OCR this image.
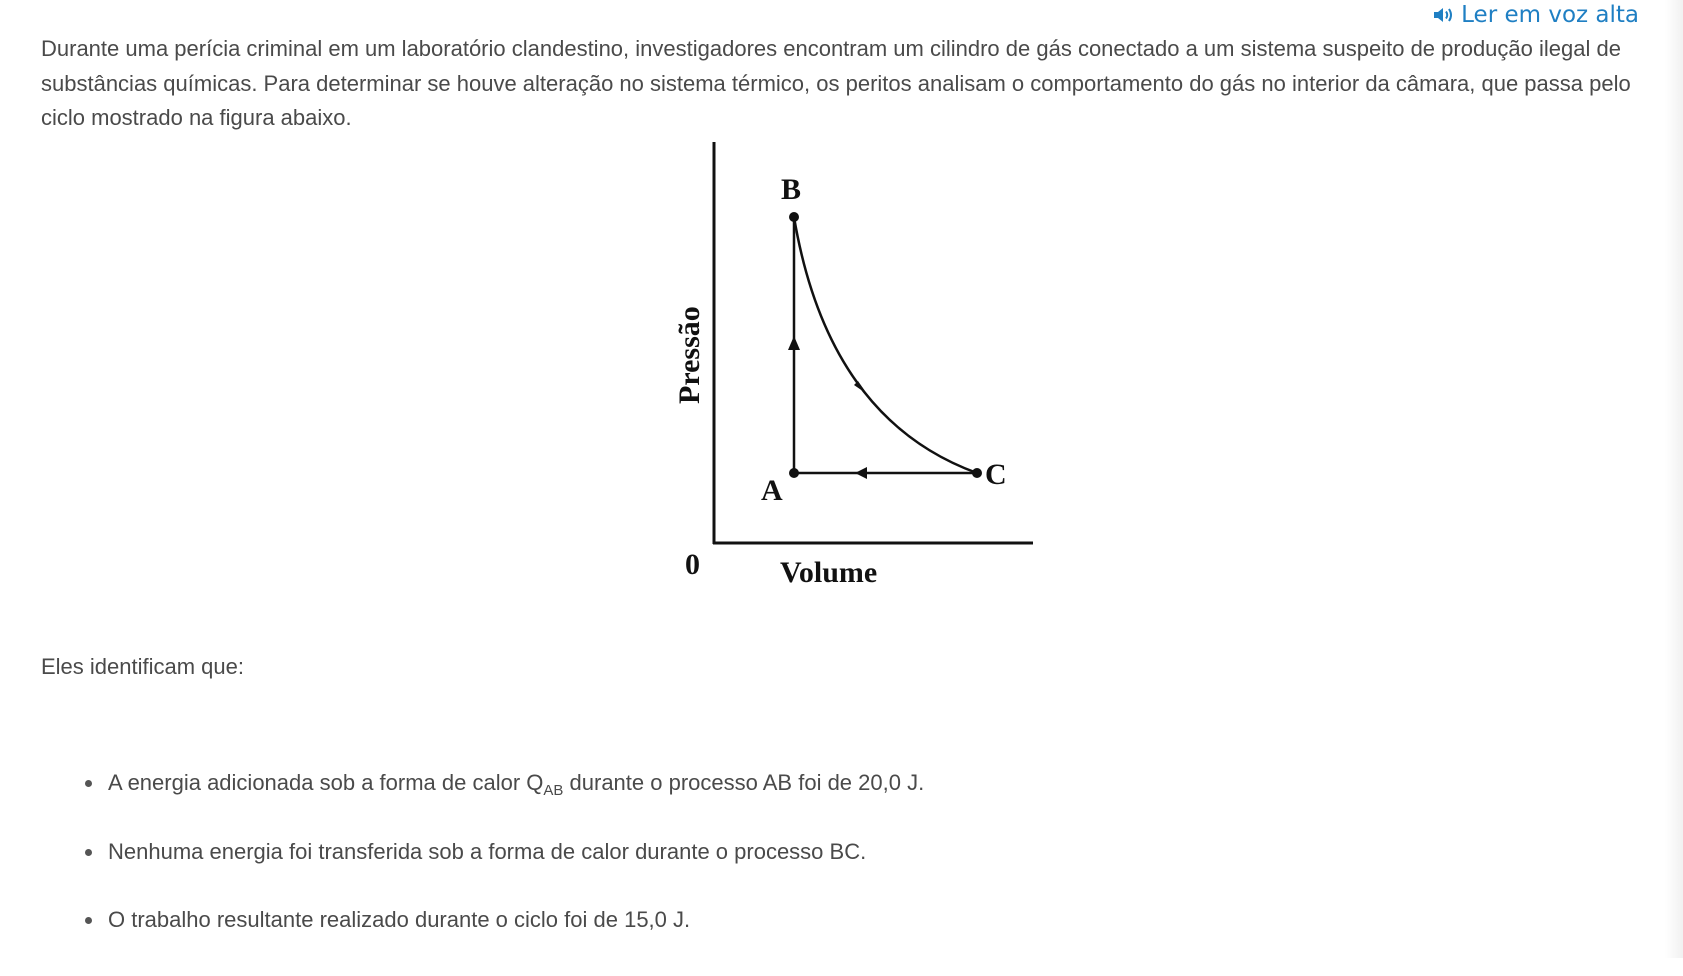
Ler em voz alta

Durante uma perícia criminal em um laboratório clandestino, investigadores encontram um cilindro de gás conectado a um sistema suspeito de produção ilegal de substâncias químicas. Para determinar se houve alteração no sistema térmico, os peritos analisam o comportamento do gás no interior da câmara, que passa pelo ciclo mostrado na figura abaixo.

B
A	C
0	Volume
Pressão

Eles identificam que:

A energia adicionada sob a forma de calor $Q_{AB}$ durante o processo AB foi de 20,0 J.
Nenhuma energia foi transferida sob a forma de calor durante o processo BC.
O trabalho resultante realizado durante o ciclo foi de 15,0 J.
